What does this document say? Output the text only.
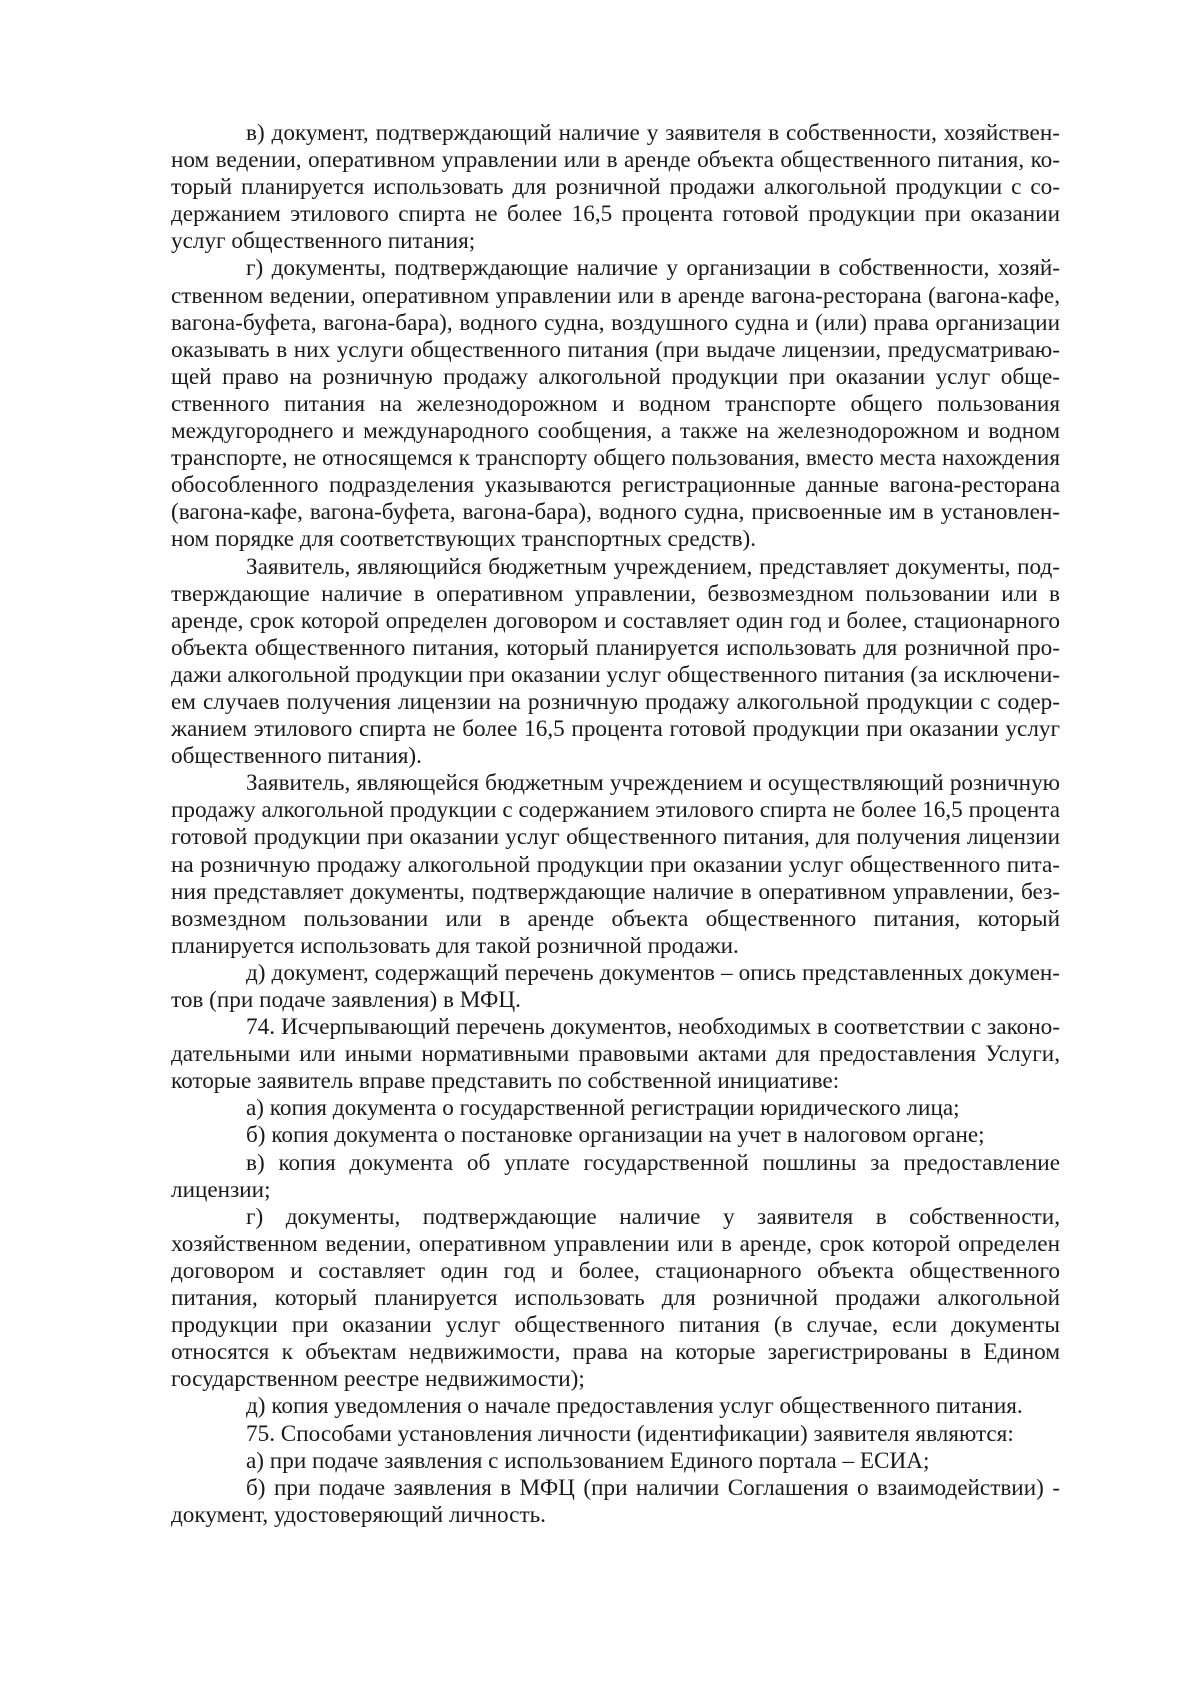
в) документ, подтверждающий наличие у заявителя в собственности, хозяйственном ведении, оперативном управлении или в аренде объекта общественного питания, который планируется использовать для розничной продажи алкогольной продукции с содержанием этилового спирта не более 16,5 процента готовой продукции при оказании услуг общественного питания;

г) документы, подтверждающие наличие у организации в собственности, хозяйственном ведении, оперативном управлении или в аренде вагона-ресторана (вагона-кафе, вагона-буфета, вагона-бара), водного судна, воздушного судна и (или) права организации оказывать в них услуги общественного питания (при выдаче лицензии, предусматривающей право на розничную продажу алкогольной продукции при оказании услуг общественного питания на железнодорожном и водном транспорте общего пользования междугороднего и международного сообщения, а также на железнодорожном и водном транспорте, не относящемся к транспорту общего пользования, вместо места нахождения обособленного подразделения указываются регистрационные данные вагона-ресторана (вагона-кафе, вагона-буфета, вагона-бара), водного судна, присвоенные им в установленном порядке для соответствующих транспортных средств).

Заявитель, являющийся бюджетным учреждением, представляет документы, подтверждающие наличие в оперативном управлении, безвозмездном пользовании или в аренде, срок которой определен договором и составляет один год и более, стационарного объекта общественного питания, который планируется использовать для розничной продажи алкогольной продукции при оказании услуг общественного питания (за исключением случаев получения лицензии на розничную продажу алкогольной продукции с содержанием этилового спирта не более 16,5 процента готовой продукции при оказании услуг общественного питания).

Заявитель, являющейся бюджетным учреждением и осуществляющий розничную продажу алкогольной продукции с содержанием этилового спирта не более 16,5 процента готовой продукции при оказании услуг общественного питания, для получения лицензии на розничную продажу алкогольной продукции при оказании услуг общественного питания представляет документы, подтверждающие наличие в оперативном управлении, безвозмездном пользовании или в аренде объекта общественного питания, который планируется использовать для такой розничной продажи.

д) документ, содержащий перечень документов – опись представленных документов (при подаче заявления) в МФЦ.

74. Исчерпывающий перечень документов, необходимых в соответствии с законодательными или иными нормативными правовыми актами для предоставления Услуги, которые заявитель вправе представить по собственной инициативе:

а) копия документа о государственной регистрации юридического лица;

б) копия документа о постановке организации на учет в налоговом органе;

в) копия документа об уплате государственной пошлины за предоставление лицензии;

г) документы, подтверждающие наличие у заявителя в собственности, хозяйственном ведении, оперативном управлении или в аренде, срок которой определен договором и составляет один год и более, стационарного объекта общественного питания, который планируется использовать для розничной продажи алкогольной продукции при оказании услуг общественного питания (в случае, если документы относятся к объектам недвижимости, права на которые зарегистрированы в Едином государственном реестре недвижимости);

д) копия уведомления о начале предоставления услуг общественного питания.

75. Способами установления личности (идентификации) заявителя являются:

а) при подаче заявления с использованием Единого портала – ЕСИА;

б) при подаче заявления в МФЦ (при наличии Соглашения о взаимодействии) - документ, удостоверяющий личность.
